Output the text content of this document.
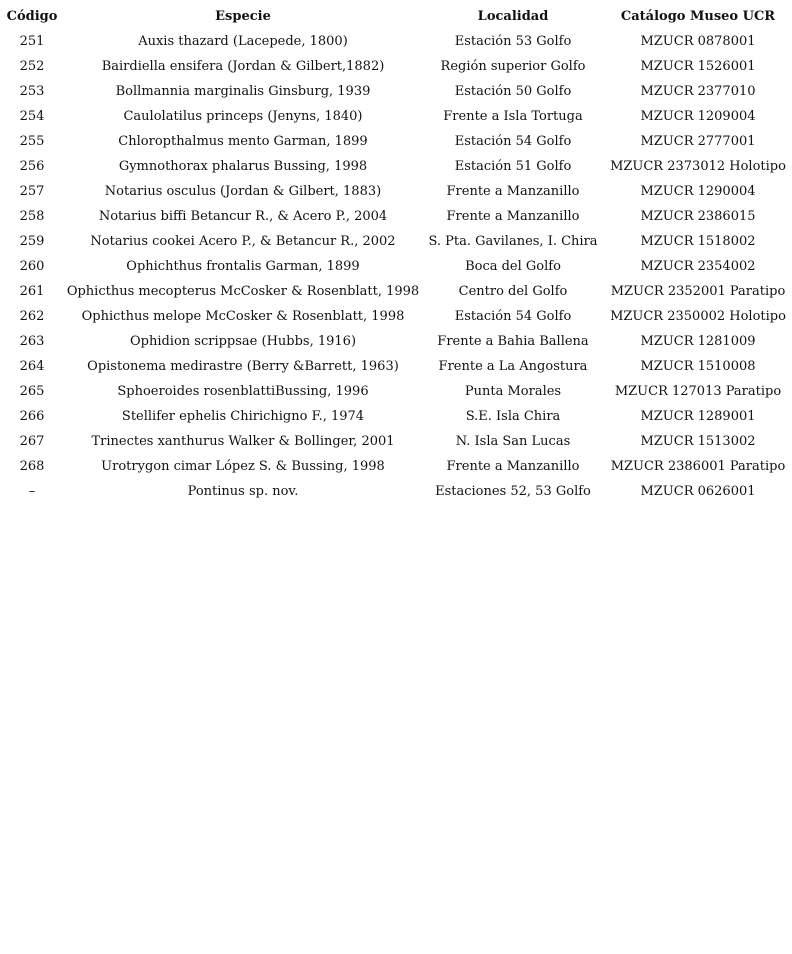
Código	Especie	Localidad	Catálogo Museo UCR
251	Auxis thazard (Lacepede, 1800)	Estación 53 Golfo	MZUCR 0878001
252	Bairdiella ensifera (Jordan & Gilbert,1882)	Región superior Golfo	MZUCR 1526001
253	Bollmannia marginalis Ginsburg, 1939	Estación 50 Golfo	MZUCR 2377010
254	Caulolatilus princeps (Jenyns, 1840)	Frente a Isla Tortuga	MZUCR 1209004
255	Chloropthalmus mento Garman, 1899	Estación 54 Golfo	MZUCR 2777001
256	Gymnothorax phalarus Bussing, 1998	Estación 51 Golfo	MZUCR 2373012 Holotipo
257	Notarius osculus (Jordan & Gilbert, 1883)	Frente a Manzanillo	MZUCR 1290004
258	Notarius biffi Betancur R., & Acero P., 2004	Frente a Manzanillo	MZUCR 2386015
259	Notarius cookei Acero P., & Betancur R., 2002	S. Pta. Gavilanes, I. Chira	MZUCR 1518002
260	Ophichthus frontalis Garman, 1899	Boca del Golfo	MZUCR 2354002
261	Ophicthus mecopterus McCosker & Rosenblatt, 1998	Centro del Golfo	MZUCR 2352001 Paratipo
262	Ophicthus melope McCosker & Rosenblatt, 1998	Estación 54 Golfo	MZUCR 2350002 Holotipo
263	Ophidion scrippsae (Hubbs, 1916)	Frente a Bahia Ballena	MZUCR 1281009
264	Opistonema medirastre (Berry &Barrett, 1963)	Frente a La Angostura	MZUCR 1510008
265	Sphoeroides rosenblattiBussing, 1996	Punta Morales	MZUCR 127013 Paratipo
266	Stellifer ephelis Chirichigno F., 1974	S.E. Isla Chira	MZUCR 1289001
267	Trinectes xanthurus Walker & Bollinger, 2001	N. Isla San Lucas	MZUCR 1513002
268	Urotrygon cimar López S. & Bussing, 1998	Frente a Manzanillo	MZUCR 2386001 Paratipo
–	Pontinus sp. nov.	Estaciones 52, 53 Golfo	MZUCR 0626001
